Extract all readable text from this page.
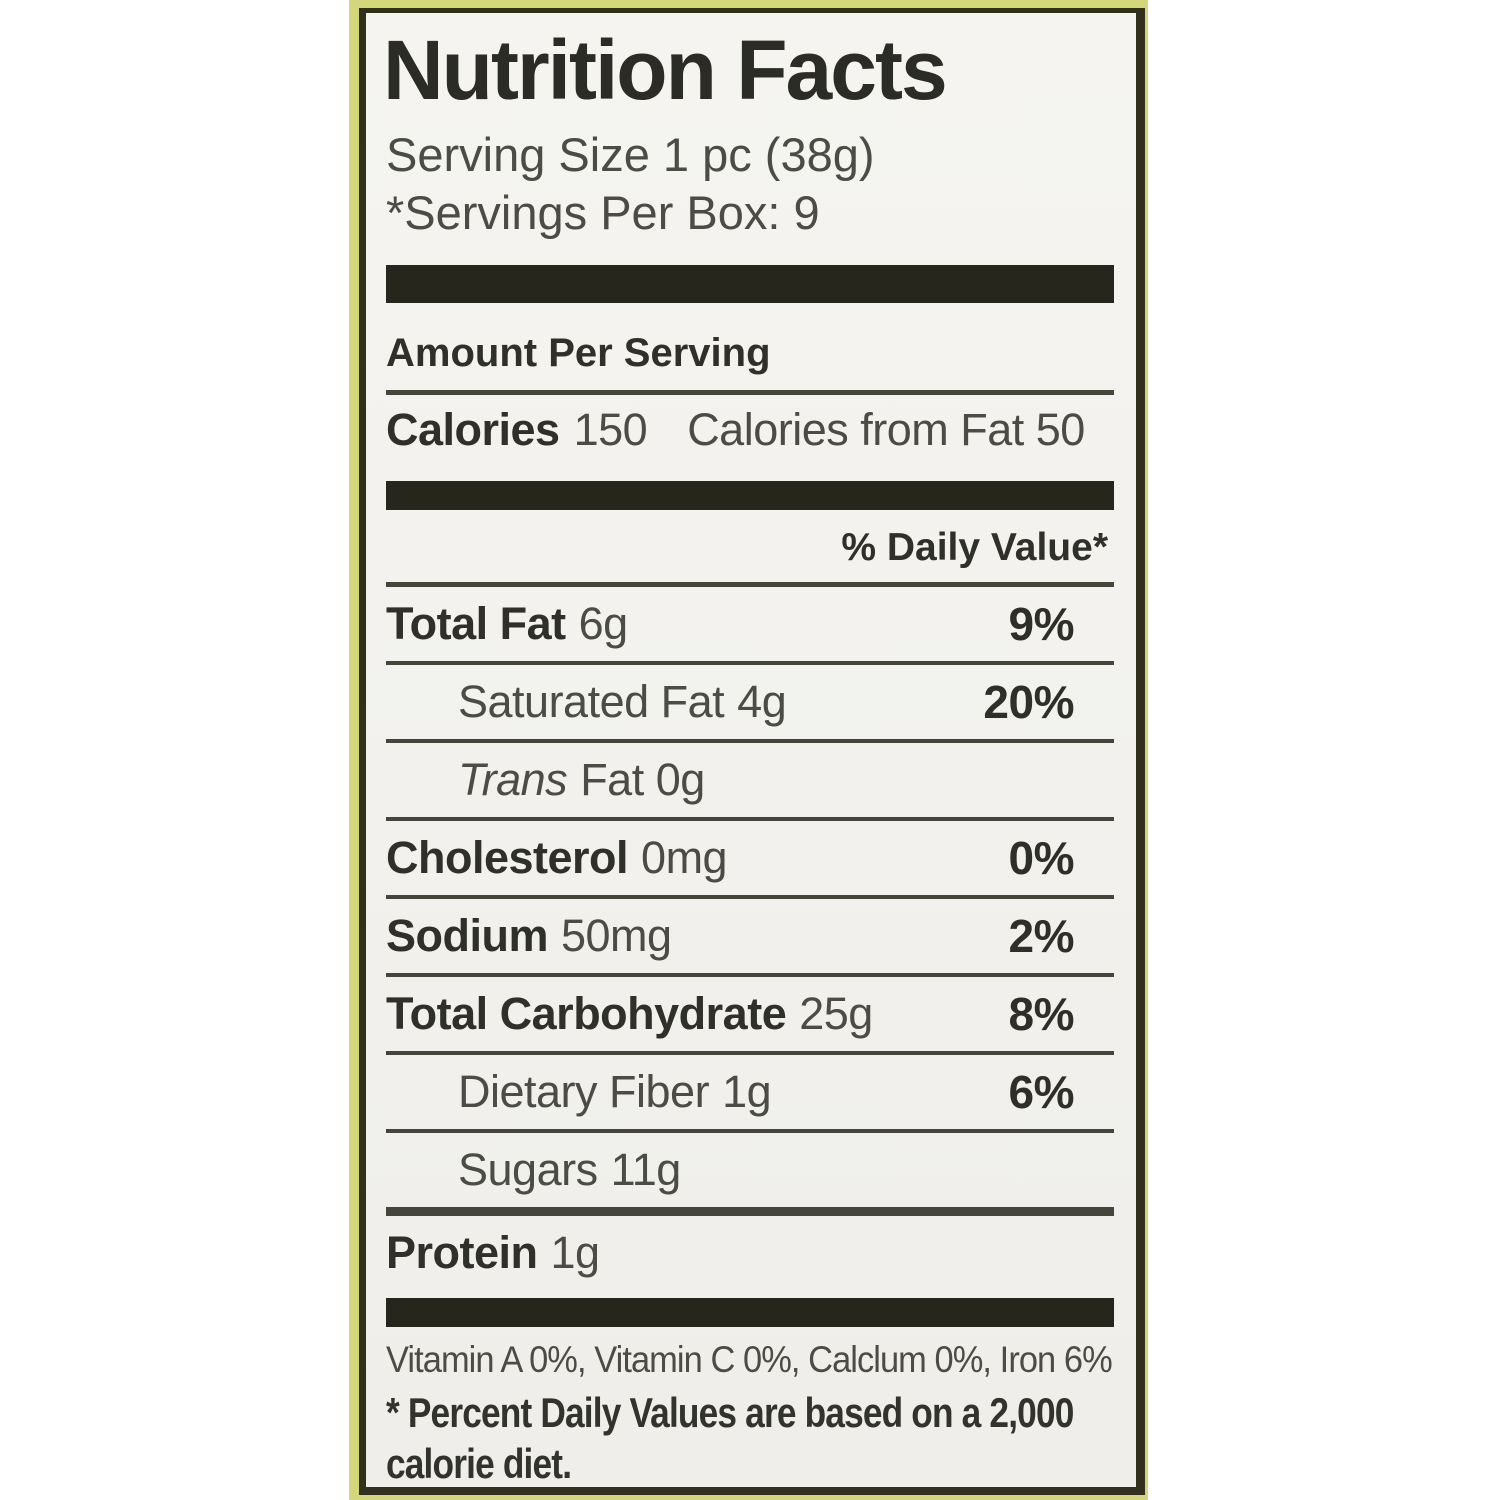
Nutrition Facts
Serving Size 1 pc (38g)
*Servings Per Box: 9
Amount Per Serving
Calories 150 Calories from Fat 50
% Daily Value*
Total Fat 6g	9%
Saturated Fat 4g	20%
Trans Fat 0g
Cholesterol 0mg	0%
Sodium 50mg	2%
Total Carbohydrate 25g	8%
Dietary Fiber 1g	6%
Sugars 11g
Protein 1g
Vitamin A 0%, Vitamin C 0%, Calclum 0%, Iron 6%
* Percent Daily Values are based on a 2,000
calorie diet.
